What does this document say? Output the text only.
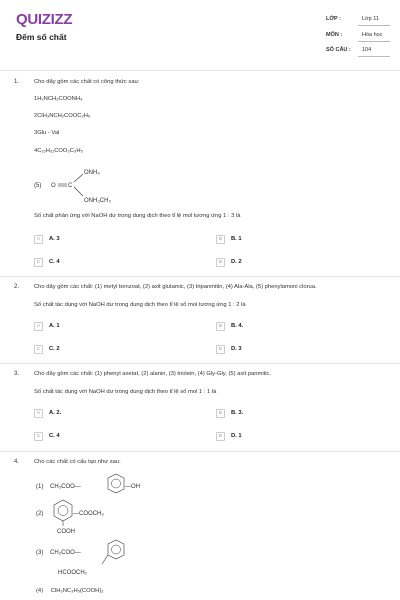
QUIZIZZ
Đếm số chất
LỚP :	Lớp 11
MÔN :	Hóa học
SỐ CÂU : 104
1.	Cho dãy gồm các chất có công thức sau:
1H₂NCH₂COONH₄
2ClH₃NCH₂COOC₂H₅
3Glu - Val
4C₁₅H₃₁COO₃C₃H₅
(5) O C
ONH₄
ONH₃CH₃
Số chất phản ứng với NaOH dư trong dung dịch theo tỉ lệ mol tương ứng 1 : 3 là
A	A. 3	B	B. 1
C	C. 4	D	D. 2
2.	Cho dãy gồm các chất: (1) metyl benzoat, (2) axit glutamic, (3) tripanmitin, (4) Ala-Ala, (5) phenylamoni clorua.
Số chất tác dụng với NaOH dư trong dung dịch theo tỉ lệ số mol tương ứng 1 : 2 là
A	A. 1	B	B. 4.
C	C. 2	D	D. 3
3.	Cho dãy gồm các chất: (1) phenyl axetat, (2) alanin, (3) triolein, (4) Gly-Gly, (5) axit panmitic.
Số chất tác dụng với NaOH dư trong dung dịch theo tỉ lệ số mol 1 : 1 là
A	A. 2.	B	B. 3.
C	C. 4	D	D. 1
4.	Cho các chất có cấu tạo như sau:
(1) CH₃COO—	—OH
(2)	—COOCH₃
COOH
(3) CH₃COO—
HCOOCH₂
(4) ClH₃NC₃H₅(COOH)₂
